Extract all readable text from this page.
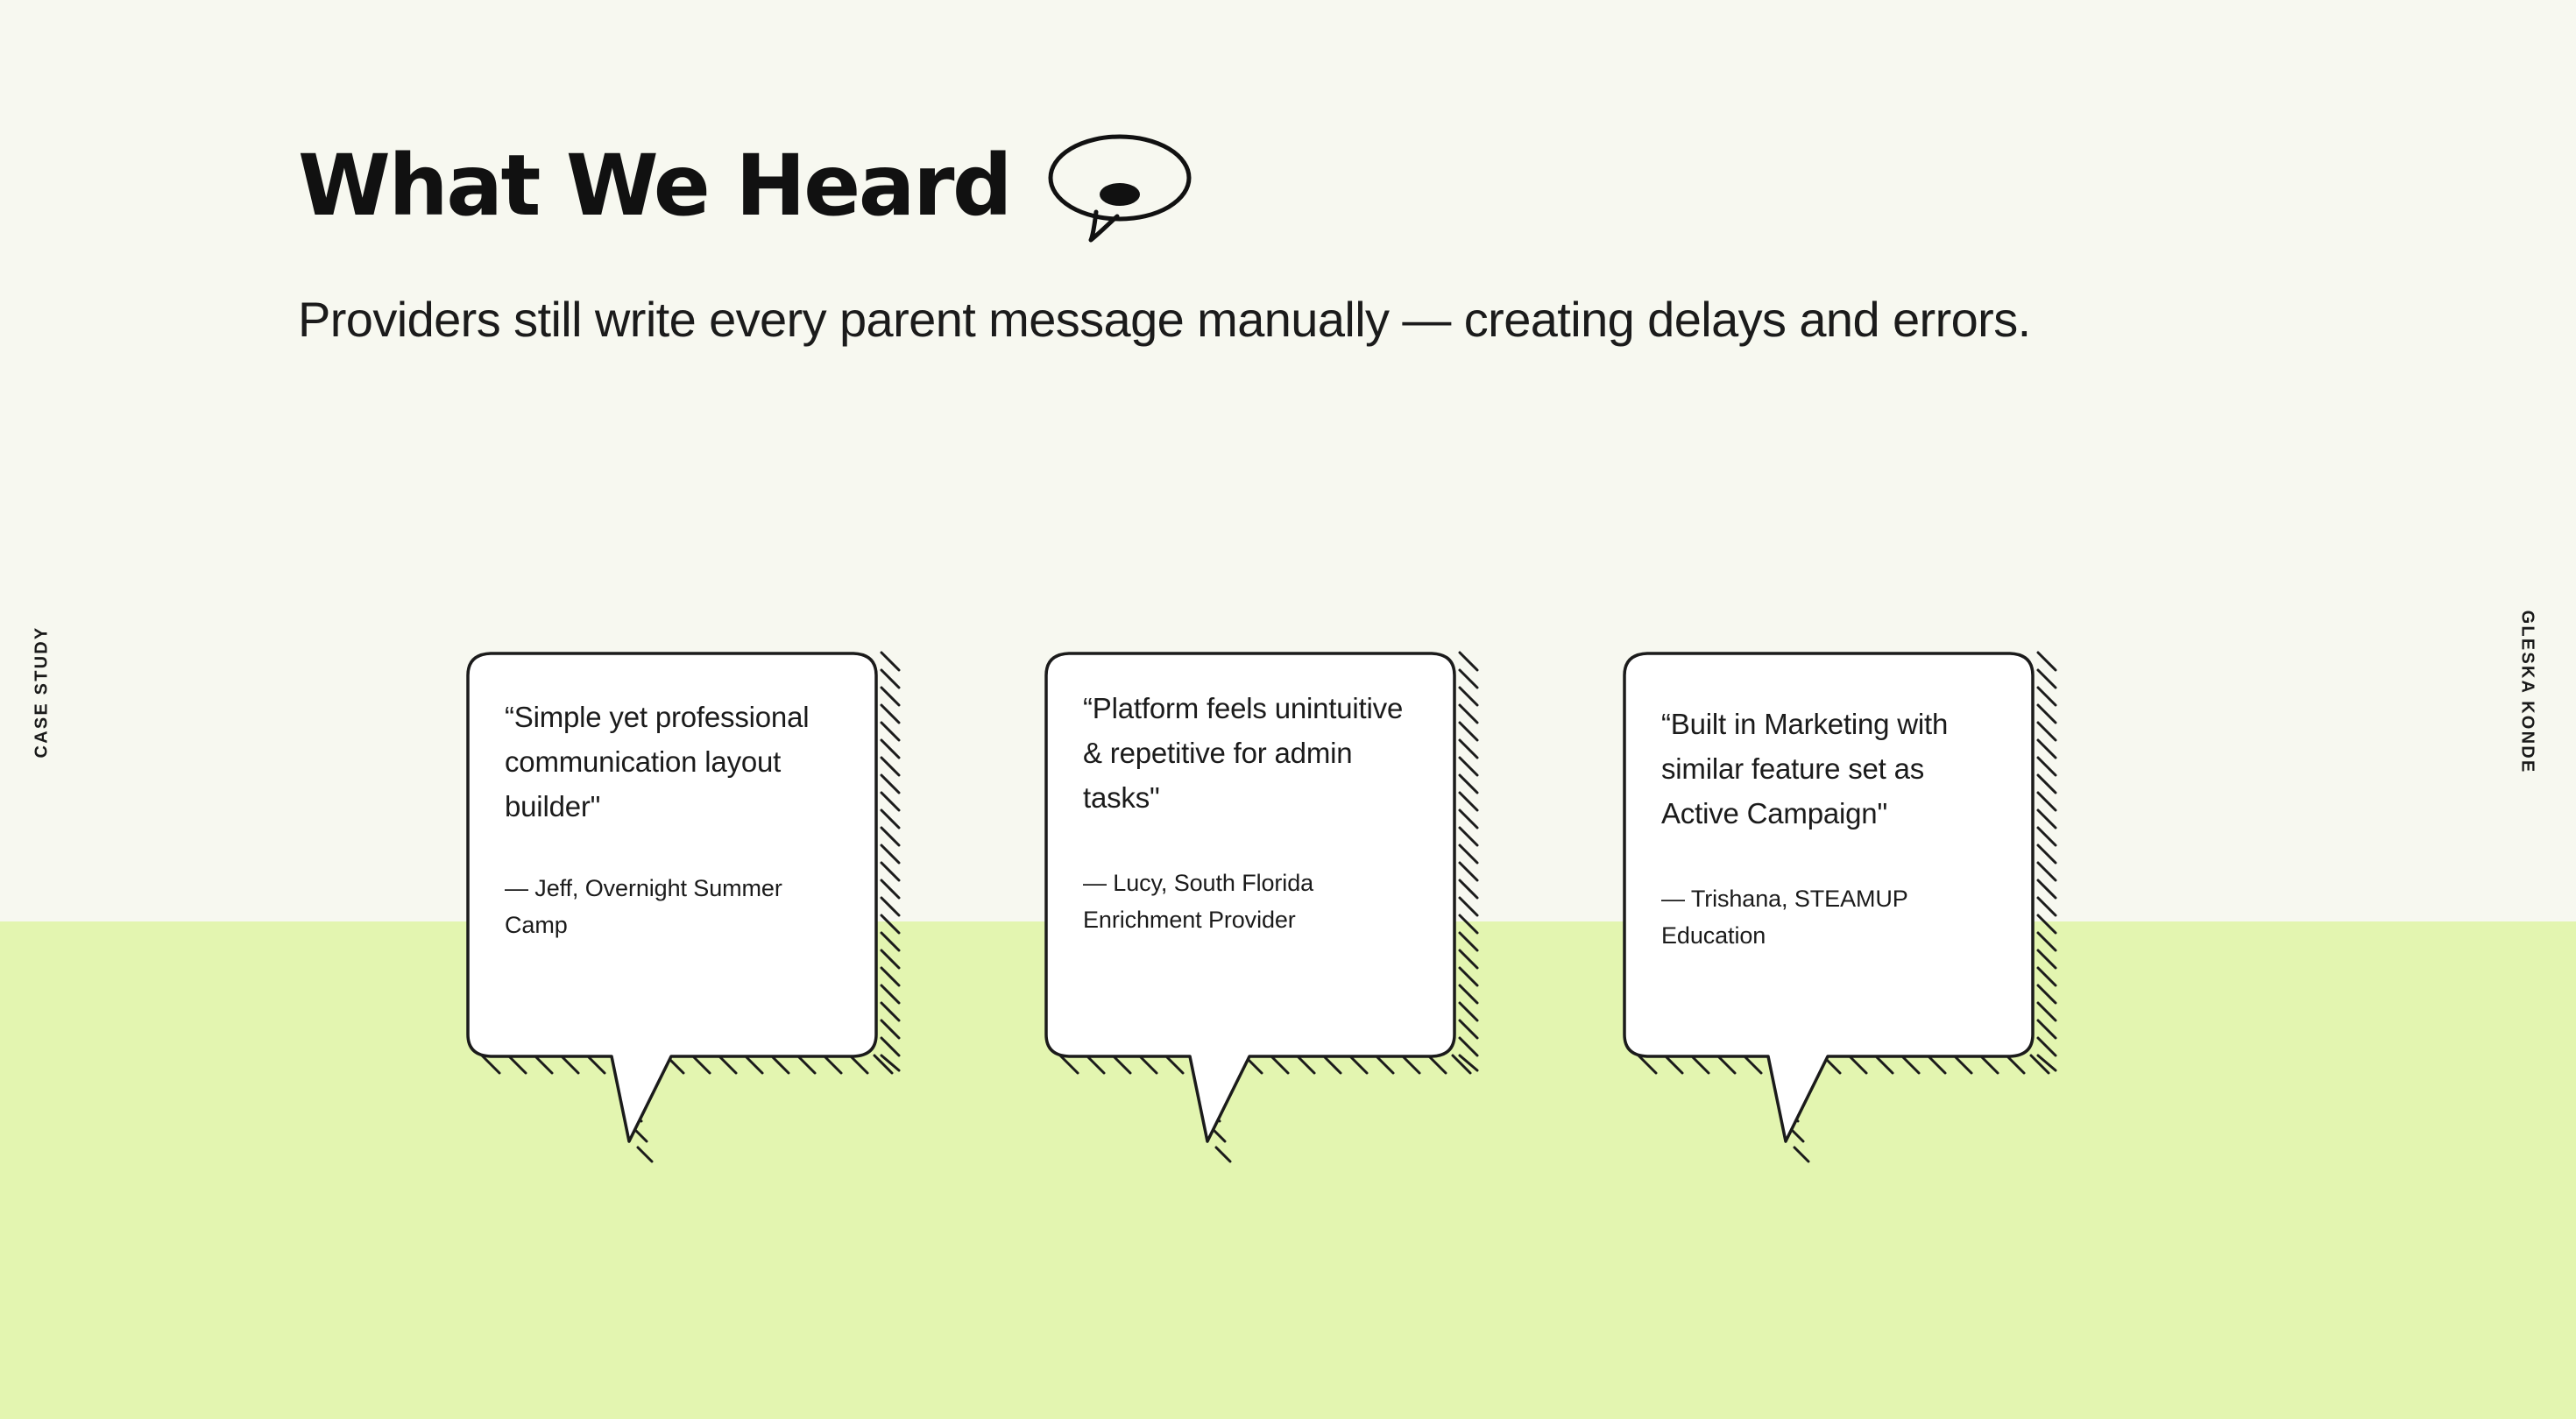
CASE STUDY	GLESKA KONDE
What We Heard

Providers still write every parent message manually — creating delays and errors.

“Simple yet professional communication layout builder"

— Jeff, Overnight Summer Camp

“Platform feels unintuitive & repetitive for admin tasks"

— Lucy, South Florida Enrichment Provider

“Built in Marketing with similar feature set as Active Campaign"

— Trishana, STEAMUP Education
